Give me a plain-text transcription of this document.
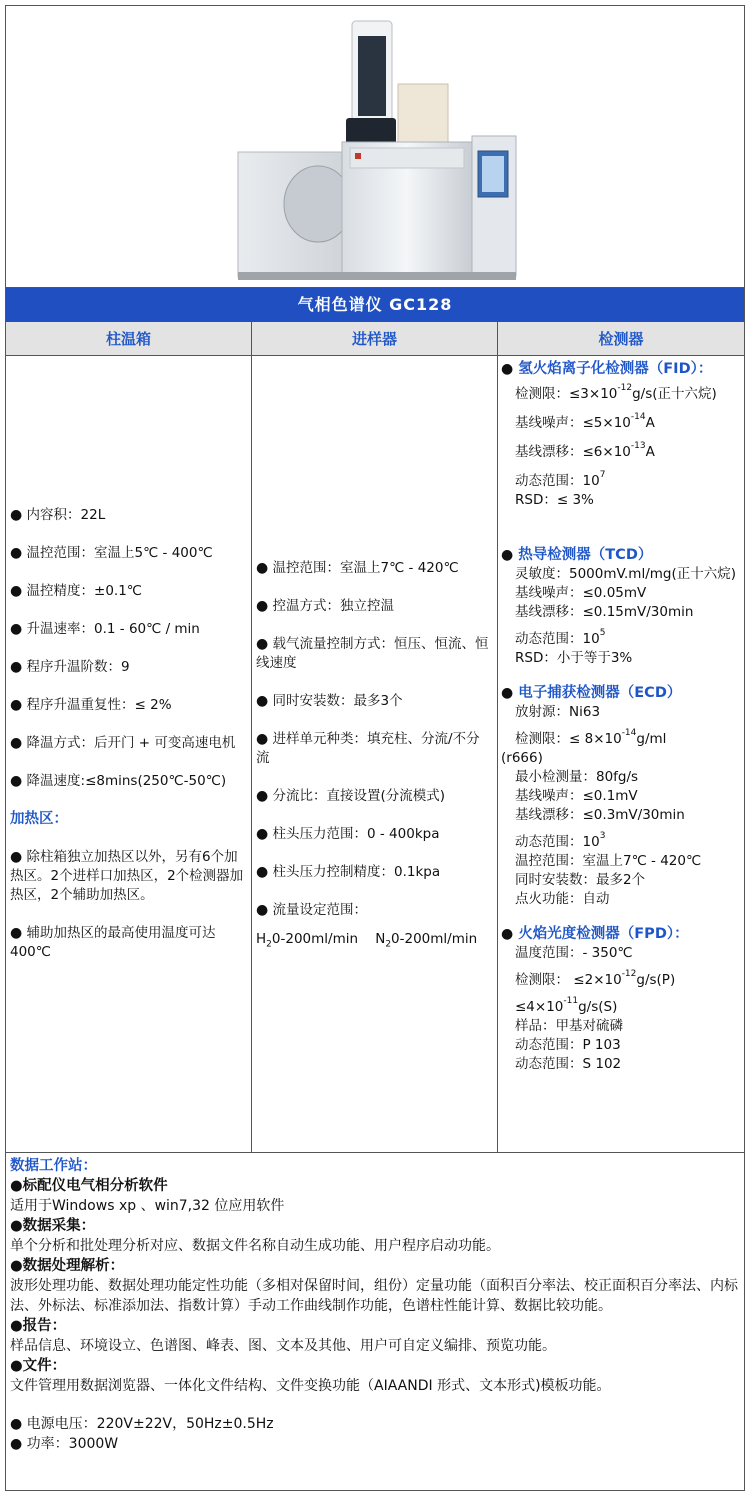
气相色谱仪 GC128
柱温箱	进样器	检测器

● 内容积：22L

● 温控范围：室温上5℃ - 400℃

● 温控精度：±0.1℃

● 升温速率：0.1 - 60℃ / min

● 程序升温阶数：9

● 程序升温重复性：≤ 2%

● 降温方式：后开门 + 可变高速电机

● 降温速度:≤8mins(250℃-50℃)

加热区：

● 除柱箱独立加热区以外，另有6个加热区。2个进样口加热区，2个检测器加热区，2个辅助加热区。

● 辅助加热区的最高使用温度可达400℃

● 温控范围：室温上7℃ - 420℃

● 控温方式：独立控温

● 载气流量控制方式：恒压、恒流、恒线速度

● 同时安装数：最多3个

● 进样单元种类：填充柱、分流/不分流

● 分流比：直接设置(分流模式)

● 柱头压力范围：0 - 400kpa

● 柱头压力控制精度：0.1kpa

● 流量设定范围：

$H_20-200ml/\min$ $N_20-200ml/\min$

● 氢火焰离子化检测器（FID）：

检测限：$\le 3\times 10^{-12}g/s$(正十六烷)

基线噪声：$\le 5\times 10^{-14}A$

基线漂移：$\le 6\times 10^{-13}A$

动态范围：$10^7$

RSD：≤ 3%

● 热导检测器（TCD）

灵敏度：5000mV.ml/mg(正十六烷)

基线噪声：≤0.05mV

基线漂移：≤0.15mV/30min

动态范围：$10^5$

RSD：小于等于3%

● 电子捕获检测器（ECD）

放射源：Ni63

检测限：≤ $8\times 10^{-14}g/ml$

(r666)

最小检测量：80fg/s

基线噪声：≤0.1mV

基线漂移：≤0.3mV/30min

动态范围：$10^3$

温控范围：室温上7℃ - 420℃

同时安装数：最多2个

点火功能：自动

● 火焰光度检测器（FPD）：

温度范围：- 350℃

检测限： $\le 2\times 10^{-12}g/s(P)$

$\le 4\times 10^{-11}g/s(S)$

样品：甲基对硫磷

动态范围：P 103

动态范围：S 102

数据工作站：

●标配仪电气相分析软件

适用于Windows xp 、win7,32 位应用软件

●数据采集：

单个分析和批处理分析对应、数据文件名称自动生成功能、用户程序启动功能。

●数据处理解析：

波形处理功能、数据处理功能定性功能（多相对保留时间，组份）定量功能（面积百分率法、校正面积百分率法、内标法、外标法、标准添加法、指数计算）手动工作曲线制作功能，色谱柱性能计算、数据比较功能。

●报告：

样品信息、环境设立、色谱图、峰表、图、文本及其他、用户可自定义编排、预览功能。

●文件：

文件管理用数据浏览器、一体化文件结构、文件变换功能（AIAANDI 形式、文本形式)模板功能。

● 电源电压：220V±22V，50Hz±0.5Hz

● 功率：3000W
